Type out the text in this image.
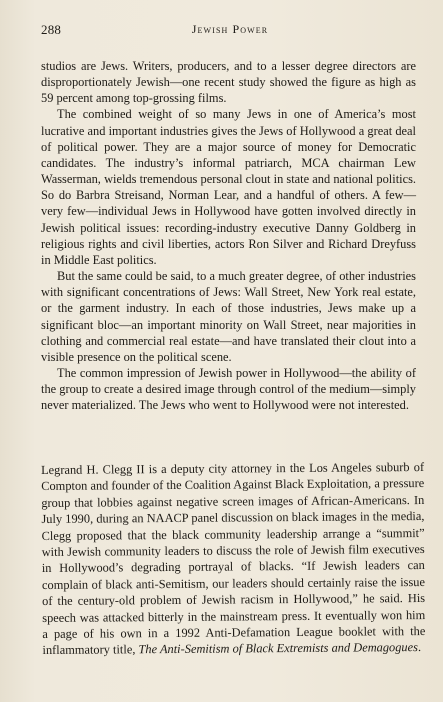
288	Jewish Power

studios are Jews. Writers, producers, and to a lesser degree directors are disproportionately Jewish—one recent study showed the figure as high as 59 percent among top-grossing films.

The combined weight of so many Jews in one of America’s most lucrative and important industries gives the Jews of Hollywood a great deal of political power. They are a major source of money for Democratic candidates. The industry’s informal patriarch, MCA chairman Lew Wasserman, wields tremendous personal clout in state and national politics. So do Barbra Streisand, Norman Lear, and a handful of others. A few—very few—individual Jews in Hollywood have gotten involved directly in Jewish political issues: recording-industry executive Danny Goldberg in religious rights and civil liberties, actors Ron Silver and Richard Dreyfuss in Middle East politics.

But the same could be said, to a much greater degree, of other industries with significant concentrations of Jews: Wall Street, New York real estate, or the garment industry. In each of those industries, Jews make up a significant bloc—an important minority on Wall Street, near majorities in clothing and commercial real estate—and have translated their clout into a visible presence on the political scene.

The common impression of Jewish power in Hollywood—the ability of the group to create a desired image through control of the medium—simply never materialized. The Jews who went to Hollywood were not interested.

Legrand H. Clegg II is a deputy city attorney in the Los Angeles suburb of Compton and founder of the Coalition Against Black Exploitation, a pressure group that lobbies against negative screen images of African-Americans. In July 1990, during an NAACP panel discussion on black images in the media, Clegg proposed that the black community leadership arrange a “summit” with Jewish community leaders to discuss the role of Jewish film executives in Hollywood’s degrading portrayal of blacks. “If Jewish leaders can complain of black anti-Semitism, our leaders should certainly raise the issue of the century-old problem of Jewish racism in Hollywood,” he said. His speech was attacked bitterly in the mainstream press. It eventually won him a page of his own in a 1992 Anti-Defamation League booklet with the inflammatory title, The Anti-Semitism of Black Extremists and Demagogues.
